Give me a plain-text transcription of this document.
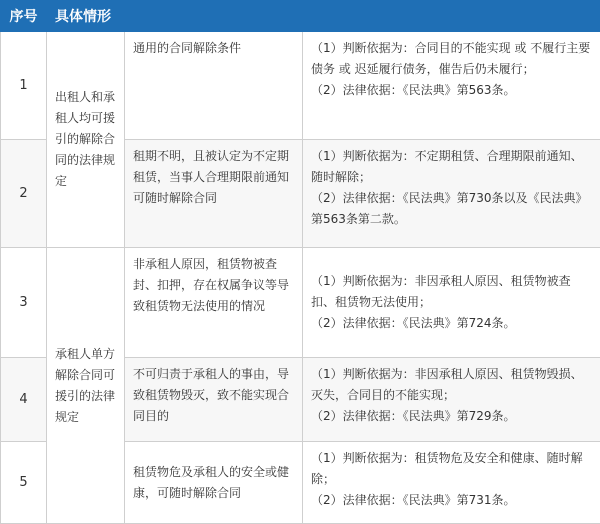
序号	具体情形		
1	出租人和承租人均可援引的解除合同的法律规定	通用的合同解除条件	（1）判断依据为：合同目的不能实现 或 不履行主要债务 或 迟延履行债务，催告后仍未履行；
（2）法律依据：《民法典》第563条。

2		租期不明，且被认定为不定期租赁，当事人合理期限前通知可随时解除合同	（1）判断依据为：不定期租赁、合理期限前通知、随时解除；
（2）法律依据：《民法典》第730条以及《民法典》第563条第二款。

3	承租人单方解除合同可援引的法律规定	非承租人原因，租赁物被查封、扣押，存在权属争议等导致租赁物无法使用的情况	（1）判断依据为：非因承租人原因、租赁物被查扣、租赁物无法使用；
（2）法律依据：《民法典》第724条。

4		不可归责于承租人的事由，导致租赁物毁灭，致不能实现合同目的	（1）判断依据为：非因承租人原因、租赁物毁损、灭失，合同目的不能实现；
（2）法律依据：《民法典》第729条。

5		租赁物危及承租人的安全或健康，可随时解除合同	（1）判断依据为：租赁物危及安全和健康、随时解除；
（2）法律依据：《民法典》第731条。
